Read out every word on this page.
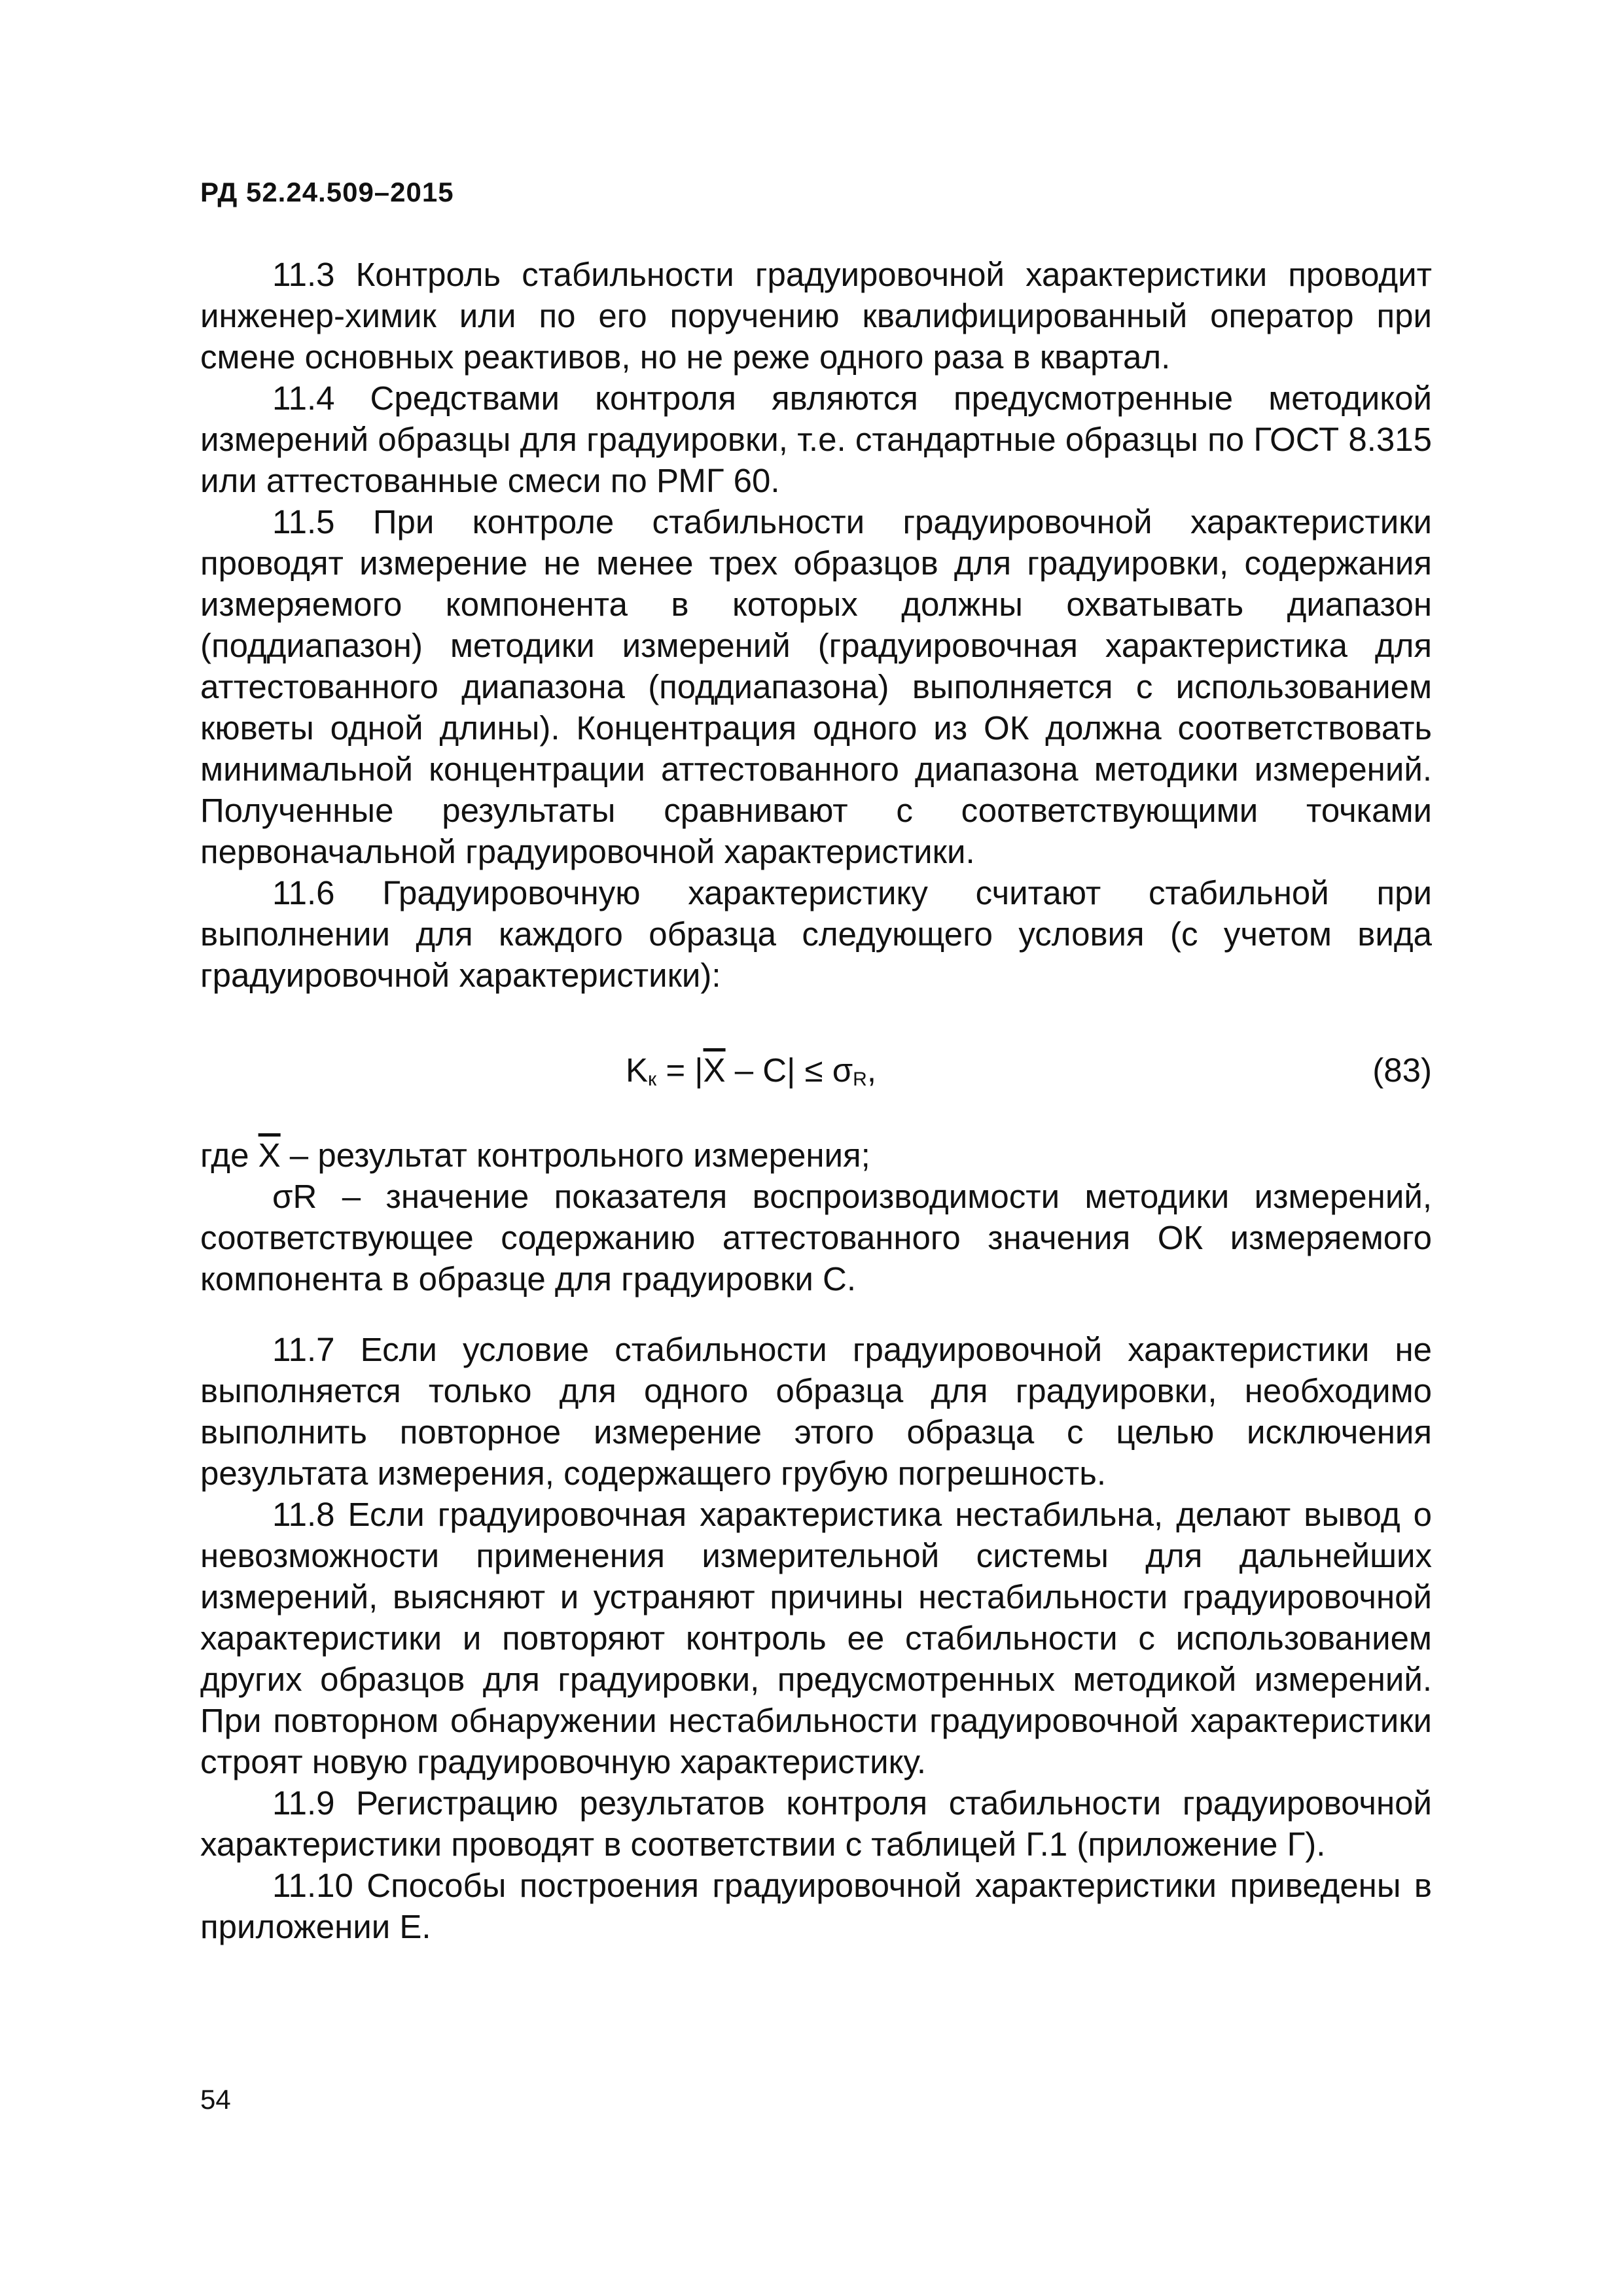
РД 52.24.509–2015

11.3 Контроль стабильности градуировочной характеристики проводит инженер-химик или по его поручению квалифицированный оператор при смене основных реактивов, но не реже одного раза в квартал.

11.4 Средствами контроля являются предусмотренные методикой измерений образцы для градуировки, т.е. стандартные образцы по ГОСТ 8.315 или аттестованные смеси по РМГ 60.

11.5 При контроле стабильности градуировочной характеристики проводят измерение не менее трех образцов для градуировки, содержания измеряемого компонента в которых должны охватывать диапазон (поддиапазон) методики измерений (градуировочная характеристика для аттестованного диапазона (поддиапазона) выполняется с использованием кюветы одной длины). Концентрация одного из ОК должна соответствовать минимальной концентрации аттестованного диапазона методики измерений. Полученные результаты сравнивают с соответствующими точками первоначальной градуировочной характеристики.

11.6 Градуировочную характеристику считают стабильной при выполнении для каждого образца следующего условия (с учетом вида градуировочной характеристики):

$K_к = |\overline{X} - C| \le \sigma_R$,	(83)

где $\overline{X}$ – результат контрольного измерения;

σR – значение показателя воспроизводимости методики измерений, соответствующее содержанию аттестованного значения ОК измеряемого компонента в образце для градуировки С.

11.7 Если условие стабильности градуировочной характеристики не выполняется только для одного образца для градуировки, необходимо выполнить повторное измерение этого образца с целью исключения результата измерения, содержащего грубую погрешность.

11.8 Если градуировочная характеристика нестабильна, делают вывод о невозможности применения измерительной системы для дальнейших измерений, выясняют и устраняют причины нестабильности градуировочной характеристики и повторяют контроль ее стабильности с использованием других образцов для градуировки, предусмотренных методикой измерений. При повторном обнаружении нестабильности градуировочной характеристики строят новую градуировочную характеристику.

11.9 Регистрацию результатов контроля стабильности градуировочной характеристики проводят в соответствии с таблицей Г.1 (приложение Г).

11.10 Способы построения градуировочной характеристики приведены в приложении Е.

54
